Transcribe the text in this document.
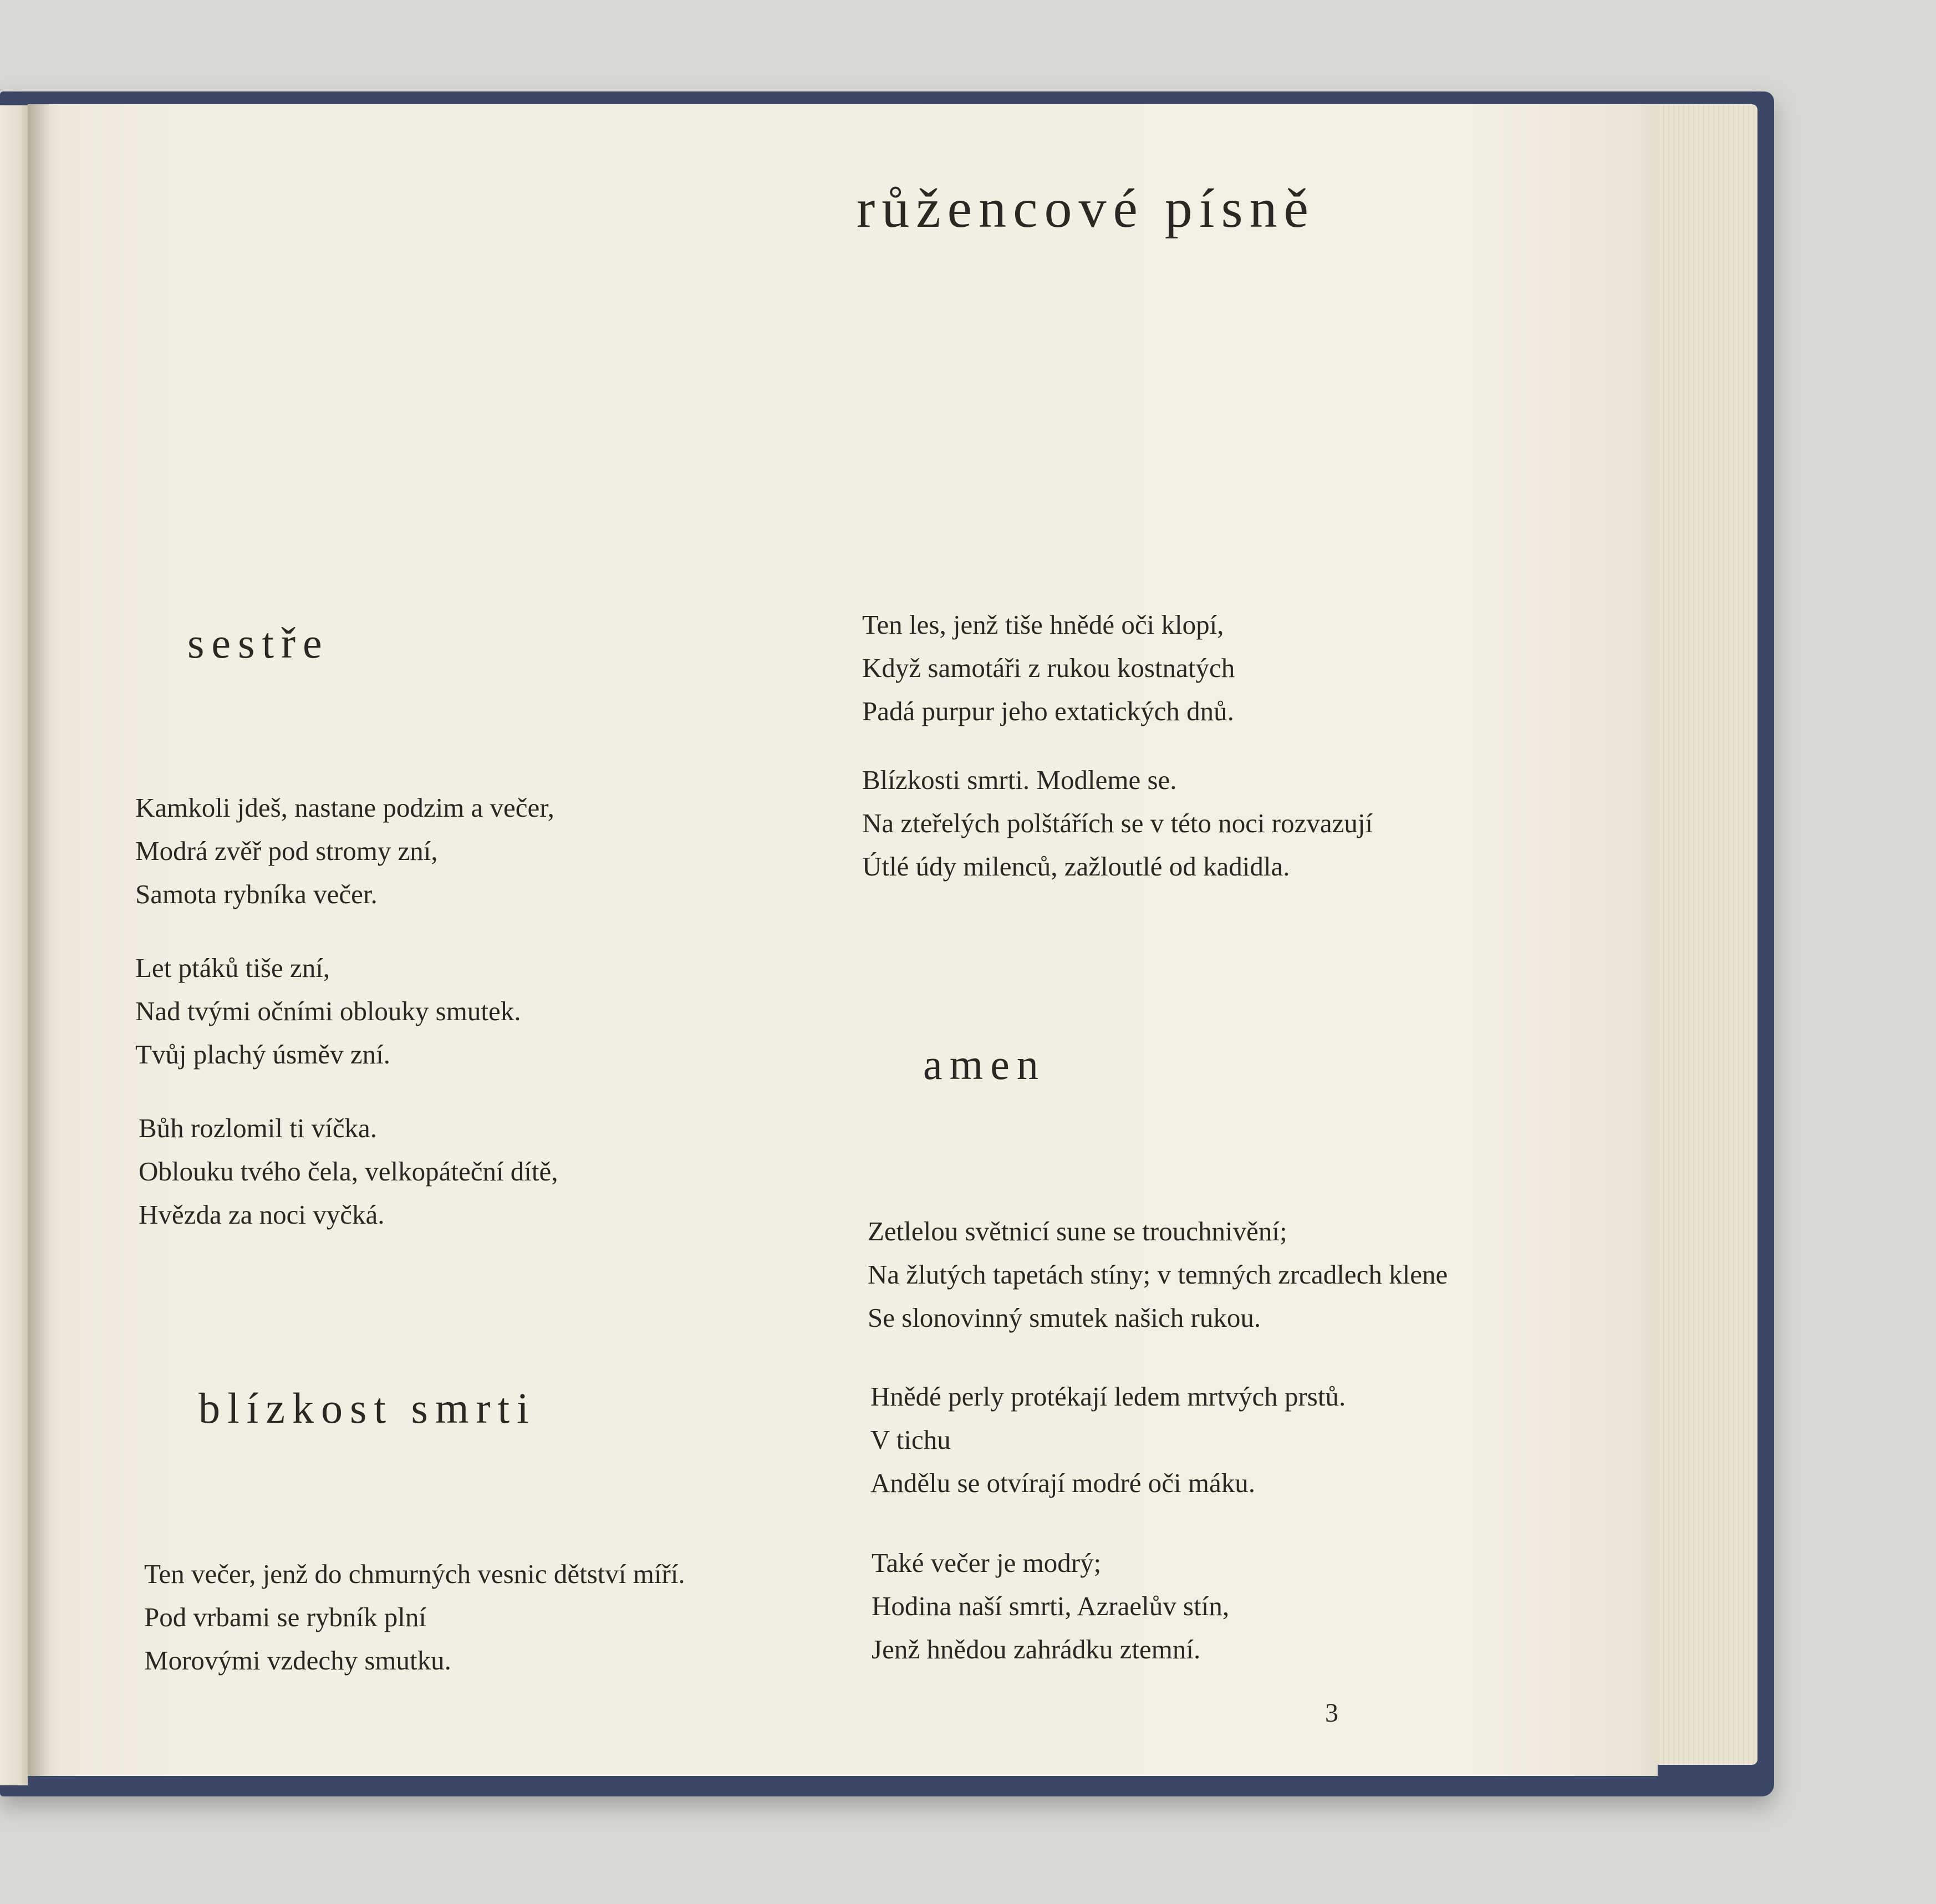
růžencové písně
sestře
Kamkoli jdeš, nastane podzim a večer,
Modrá zvěř pod stromy zní,
Samota rybníka večer.
Let ptáků tiše zní,
Nad tvými očními oblouky smutek.
Tvůj plachý úsměv zní.
Bůh rozlomil ti víčka.
Oblouku tvého čela, velkopáteční dítě,
Hvězda za noci vyčká.
blízkost smrti
Ten večer, jenž do chmurných vesnic dětství míří.
Pod vrbami se rybník plní
Morovými vzdechy smutku.
Ten les, jenž tiše hnědé oči klopí,
Když samotáři z rukou kostnatých
Padá purpur jeho extatických dnů.
Blízkosti smrti. Modleme se.
Na zteřelých polštářích se v této noci rozvazují
Útlé údy milenců, zažloutlé od kadidla.
amen
Zetlelou světnicí sune se trouchnivění;
Na žlutých tapetách stíny; v temných zrcadlech klene
Se slonovinný smutek našich rukou.
Hnědé perly protékají ledem mrtvých prstů.
V tichu
Andělu se otvírají modré oči máku.
Také večer je modrý;
Hodina naší smrti, Azraelův stín,
Jenž hnědou zahrádku ztemní.
3
